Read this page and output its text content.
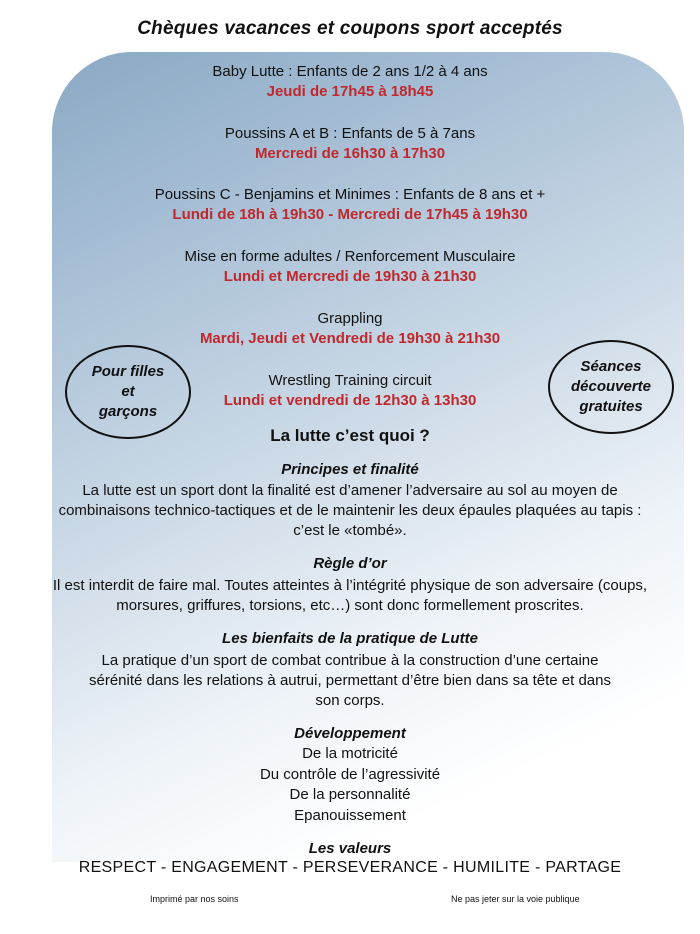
Chèques vacances et coupons sport acceptés
Baby Lutte : Enfants de 2 ans 1/2 à 4 ans
Jeudi de 17h45 à 18h45
Poussins A et B : Enfants de 5 à 7ans
Mercredi de 16h30 à 17h30
Poussins C - Benjamins et Minimes : Enfants de 8 ans et +
Lundi de 18h à 19h30 - Mercredi de 17h45 à 19h30
Mise en forme adultes / Renforcement Musculaire
Lundi et Mercredi de 19h30 à 21h30
Grappling
Mardi, Jeudi et Vendredi de 19h30 à 21h30
Wrestling Training circuit
Lundi et vendredi de 12h30 à 13h30
Pour filles
et
garçons
Séances
découverte
gratuites
La lutte c’est quoi ?
Principes et finalité
La lutte est un sport dont la finalité est d’amener l’adversaire au sol au moyen de combinaisons technico-tactiques et de le maintenir les deux épaules plaquées au tapis : c’est le «tombé».
Règle d’or
Il est interdit de faire mal. Toutes atteintes à l’intégrité physique de son adversaire (coups, morsures, griffures, torsions, etc…) sont donc formellement proscrites.
Les bienfaits de la pratique de Lutte
La pratique d’un sport de combat contribue à la construction d’une certaine sérénité dans les relations à autrui, permettant d’être bien dans sa tête et dans son corps.
Développement
De la motricité
Du contrôle de l’agressivité
De la personnalité
Epanouissement
Les valeurs
RESPECT - ENGAGEMENT - PERSEVERANCE - HUMILITE - PARTAGE
Imprimé par nos soins	Ne pas jeter sur la voie publique
